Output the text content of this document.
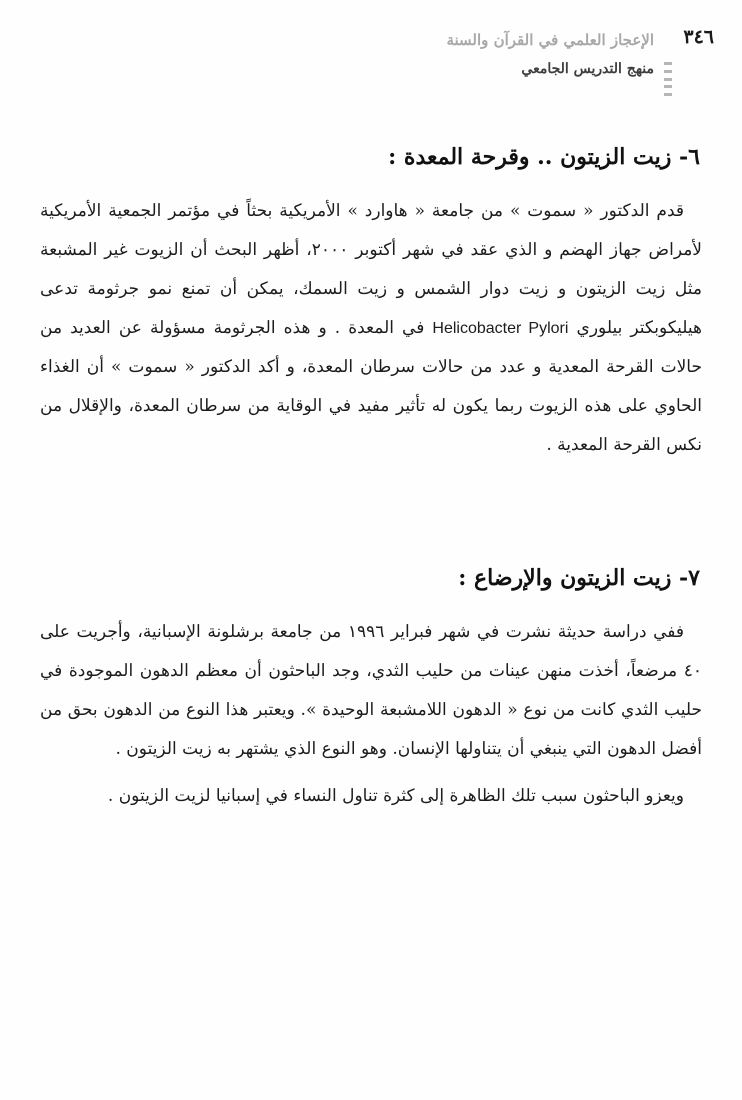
٣٤٦
الإعجاز العلمي في القرآن والسنة
منهج التدريس الجامعي
٦- زيت الزيتون .. وقرحة المعدة :

قدم الدكتور « سموت » من جامعة « هاوارد » الأمريكية بحثاً في مؤتمر الجمعية الأمريكية لأمراض جهاز الهضم و الذي عقد في شهر أكتوبر ٢٠٠٠، أظهر البحث أن الزيوت غير المشبعة مثل زيت الزيتون و زيت دوار الشمس و زيت السمك، يمكن أن تمنع نمو جرثومة تدعى هيليكوبكتر بيلوري Helicobacter Pylori في المعدة . و هذه الجرثومة مسؤولة عن العديد من حالات القرحة المعدية و عدد من حالات سرطان المعدة، و أكد الدكتور « سموت » أن الغذاء الحاوي على هذه الزيوت ربما يكون له تأثير مفيد في الوقاية من سرطان المعدة، والإقلال من نكس القرحة المعدية .

٧- زيت الزيتون والإرضاع :

ففي دراسة حديثة نشرت في شهر فبراير ١٩٩٦ من جامعة برشلونة الإسبانية، وأجريت على ٤٠ مرضعاً، أخذت منهن عينات من حليب الثدي، وجد الباحثون أن معظم الدهون الموجودة في حليب الثدي كانت من نوع « الدهون اللامشبعة الوحيدة ». ويعتبر هذا النوع من الدهون بحق من أفضل الدهون التي ينبغي أن يتناولها الإنسان. وهو النوع الذي يشتهر به زيت الزيتون .

ويعزو الباحثون سبب تلك الظاهرة إلى كثرة تناول النساء في إسبانيا لزيت الزيتون .
